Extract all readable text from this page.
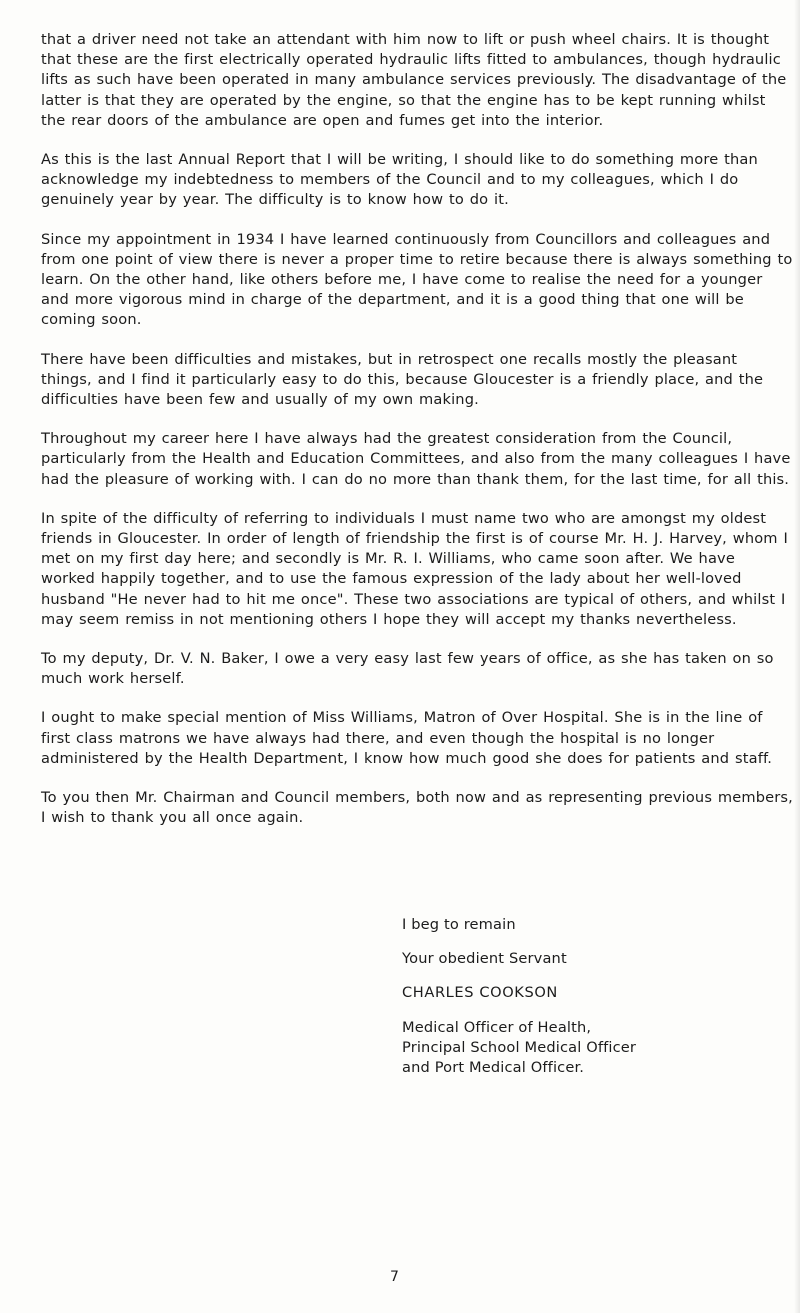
that a driver need not take an attendant with him now to lift or push wheel chairs. It is thought that these are the first electrically operated hydraulic lifts fitted to ambulances, though hydraulic lifts as such have been operated in many ambulance services previously. The disadvantage of the latter is that they are operated by the engine, so that the engine has to be kept running whilst the rear doors of the ambulance are open and fumes get into the interior.

As this is the last Annual Report that I will be writing, I should like to do something more than acknowledge my indebtedness to members of the Council and to my colleagues, which I do genuinely year by year. The difficulty is to know how to do it.

Since my appointment in 1934 I have learned continuously from Councillors and colleagues and from one point of view there is never a proper time to retire because there is always something to learn. On the other hand, like others before me, I have come to realise the need for a younger and more vigorous mind in charge of the department, and it is a good thing that one will be coming soon.

There have been difficulties and mistakes, but in retrospect one recalls mostly the pleasant things, and I find it particularly easy to do this, because Gloucester is a friendly place, and the difficulties have been few and usually of my own making.

Throughout my career here I have always had the greatest consideration from the Council, particularly from the Health and Education Committees, and also from the many colleagues I have had the pleasure of working with. I can do no more than thank them, for the last time, for all this.

In spite of the difficulty of referring to individuals I must name two who are amongst my oldest friends in Gloucester. In order of length of friendship the first is of course Mr. H. J. Harvey, whom I met on my first day here; and secondly is Mr. R. I. Williams, who came soon after. We have worked happily together, and to use the famous expression of the lady about her well-loved husband "He never had to hit me once". These two associations are typical of others, and whilst I may seem remiss in not mentioning others I hope they will accept my thanks nevertheless.

To my deputy, Dr. V. N. Baker, I owe a very easy last few years of office, as she has taken on so much work herself.

I ought to make special mention of Miss Williams, Matron of Over Hospital. She is in the line of first class matrons we have always had there, and even though the hospital is no longer administered by the Health Department, I know how much good she does for patients and staff.

To you then Mr. Chairman and Council members, both now and as representing previous members, I wish to thank you all once again.

I beg to remain
Your obedient Servant
CHARLES COOKSON
Medical Officer of Health,
Principal School Medical Officer
and Port Medical Officer.
7
